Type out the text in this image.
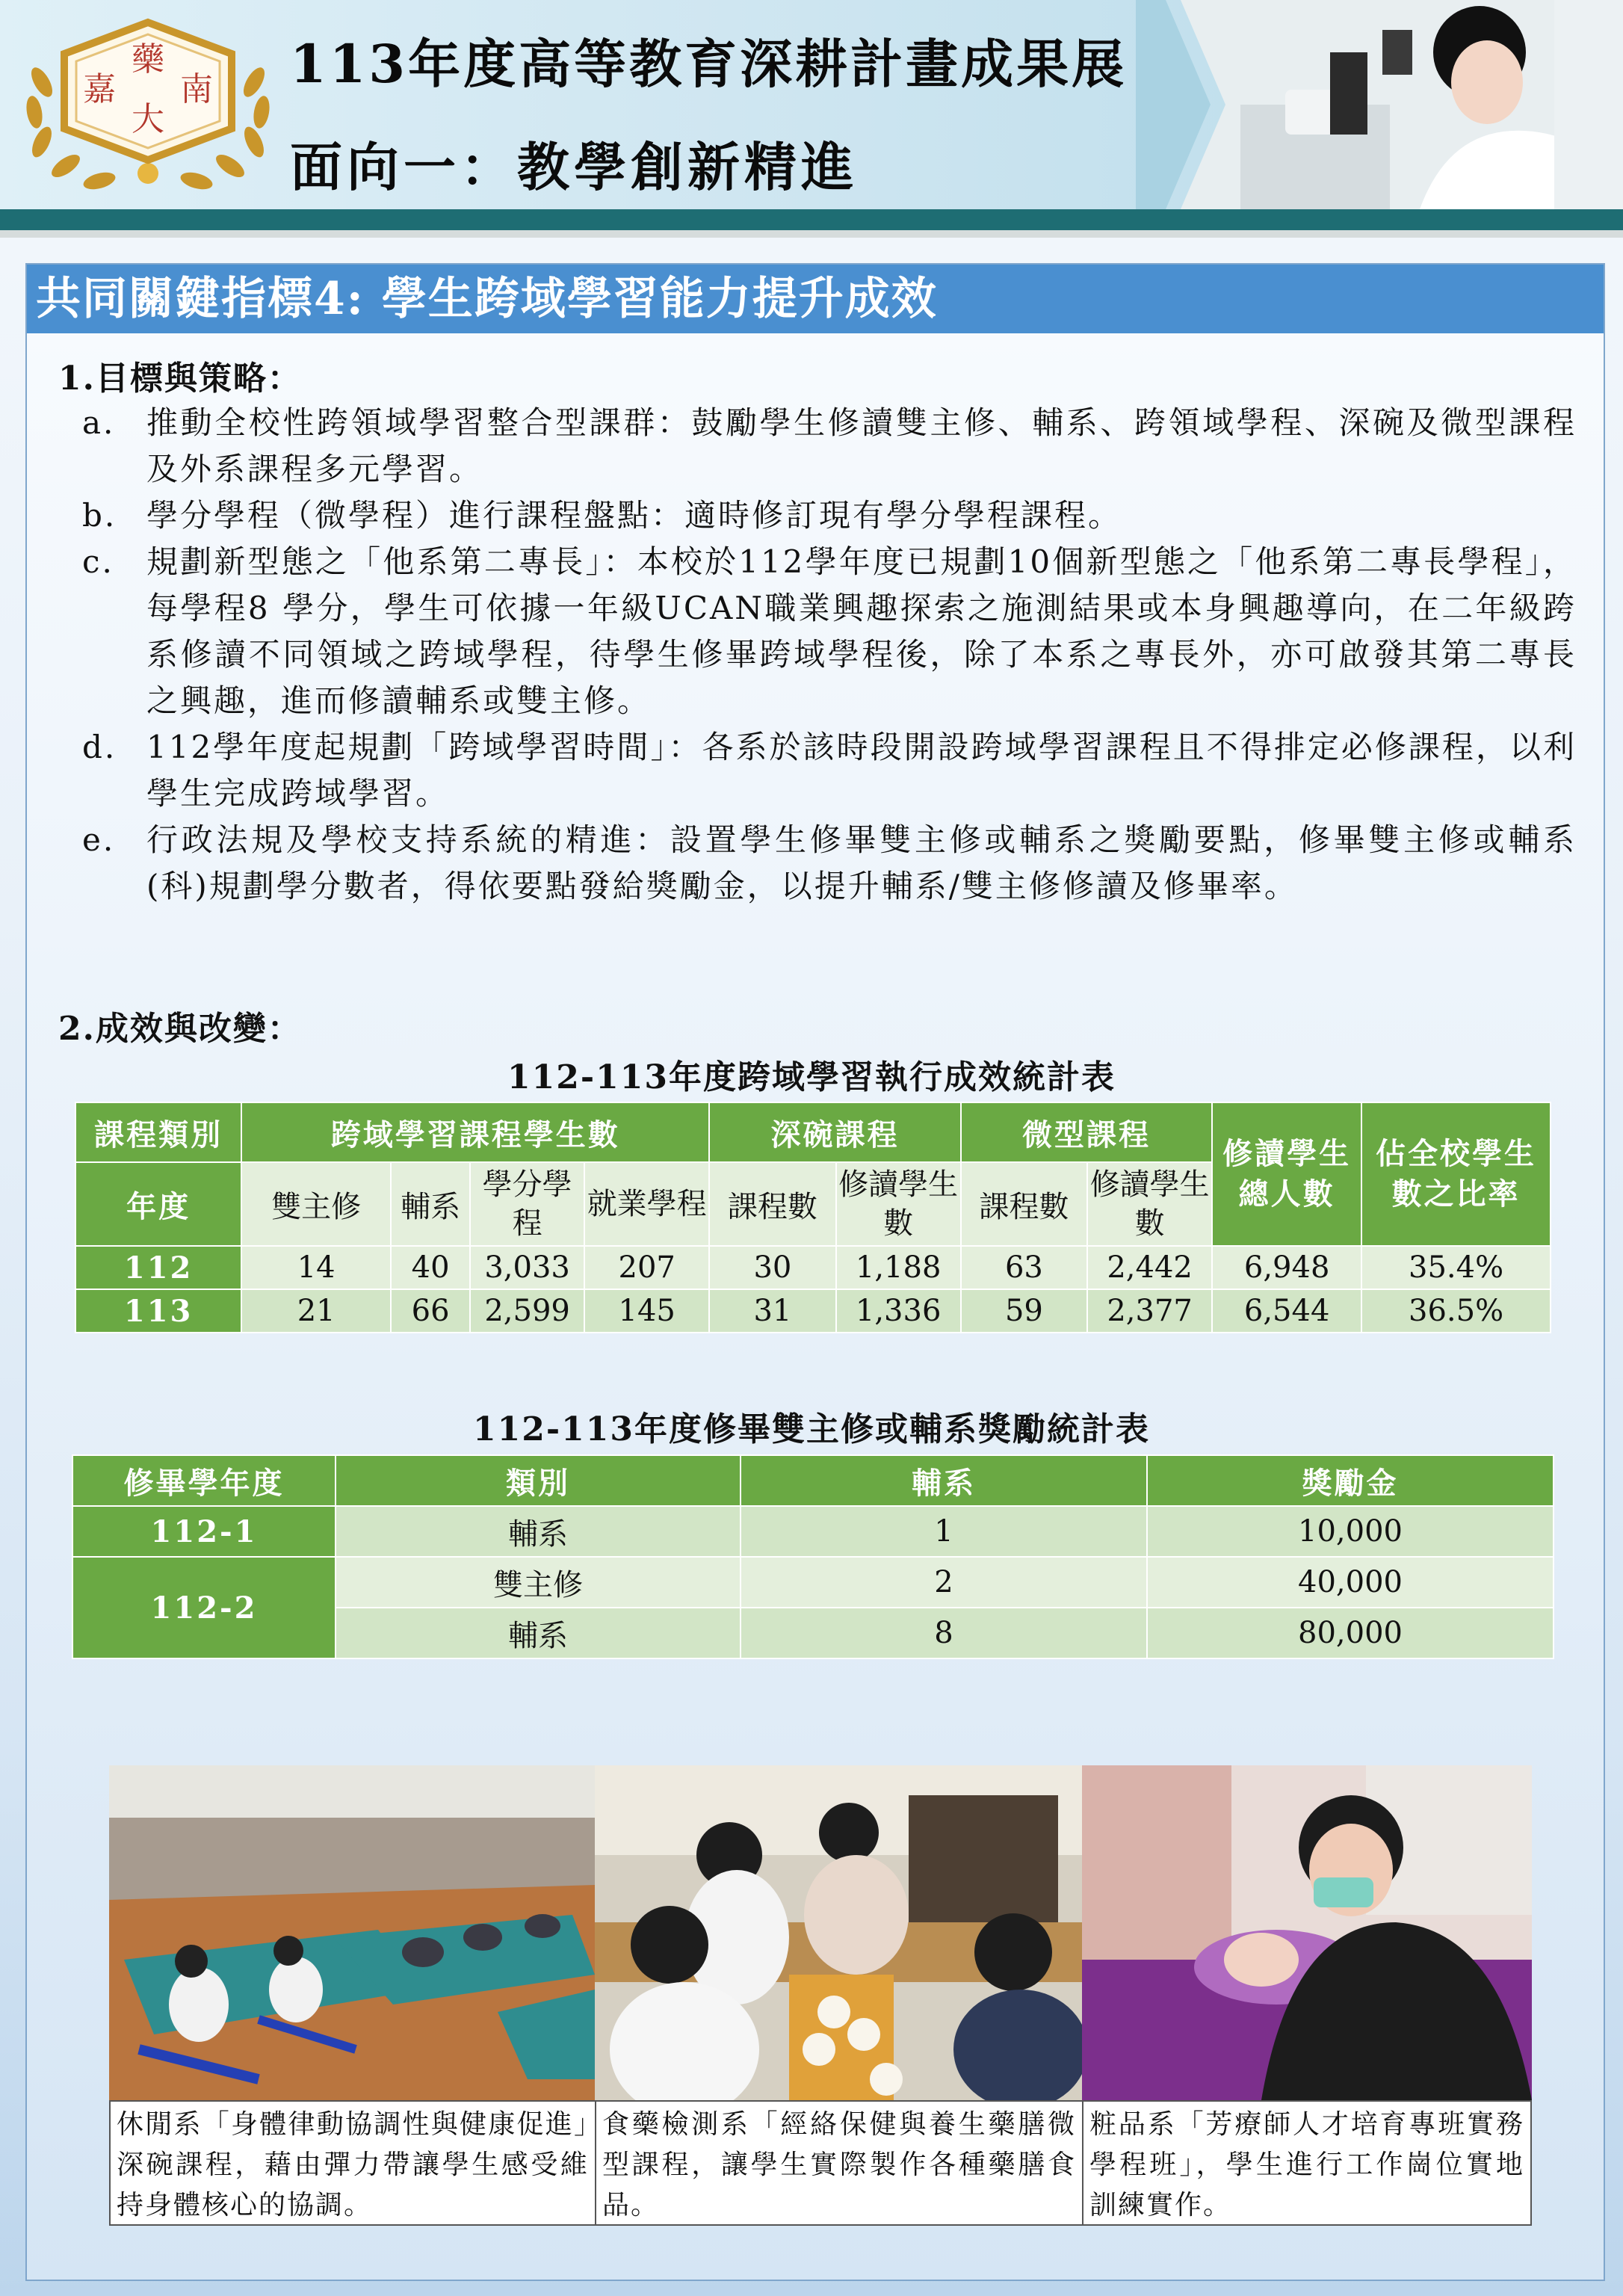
藥
嘉 南
大
113年度高等教育深耕計畫成果展
面向一：教學創新精進
共同關鍵指標4: 學生跨域學習能力提升成效
1.目標與策略：
a. 推動全校性跨領域學習整合型課群：鼓勵學生修讀雙主修、輔系、跨領域學程、深碗及微型課程及外系課程多元學習。
b. 學分學程（微學程）進行課程盤點：適時修訂現有學分學程課程。
c.	規劃新型態之「他系第二專長」：本校於112學年度已規劃10個新型態之「他系第二專長學程」，每學程8 學分，學生可依據一年級UCAN職業興趣探索之施測結果或本身興趣導向，在二年級跨系修讀不同領域之跨域學程，待學生修畢跨域學程後，除了本系之專長外，亦可啟發其第二專長之興趣，進而修讀輔系或雙主修。
d. 112學年度起規劃「跨域學習時間」：各系於該時段開設跨域學習課程且不得排定必修課程，以利學生完成跨域學習。
e. 行政法規及學校支持系統的精進：設置學生修畢雙主修或輔系之獎勵要點，修畢雙主修或輔系(科)規劃學分數者，得依要點發給獎勵金，以提升輔系/雙主修修讀及修畢率。
2.成效與改變：
112-113年度跨域學習執行成效統計表
課程類別	跨域學習課程學生數				深碗課程		微型課程		修讀學生總人數	佔全校學生數之比率
年度	雙主修	輔系	學分學程	就業學程	課程數	修讀學生數	課程數	修讀學生數		
112	14	40	3,033	207	30	1,188	63	2,442	6,948	35.4%
113	21	66	2,599	145	31	1,336	59	2,377	6,544	36.5%
112-113年度修畢雙主修或輔系獎勵統計表
修畢學年度	類別	輔系	獎勵金
112-1	輔系	1	10,000
112-2	雙主修	2	40,000
	輔系	8	80,000
休閒系「身體律動協調性與健康促進」深碗課程，藉由彈力帶讓學生感受維持身體核心的協調。
食藥檢測系「經絡保健與養生藥膳微型課程，讓學生實際製作各種藥膳食品。
粧品系「芳療師人才培育專班實務學程班」，學生進行工作崗位實地訓練實作。
